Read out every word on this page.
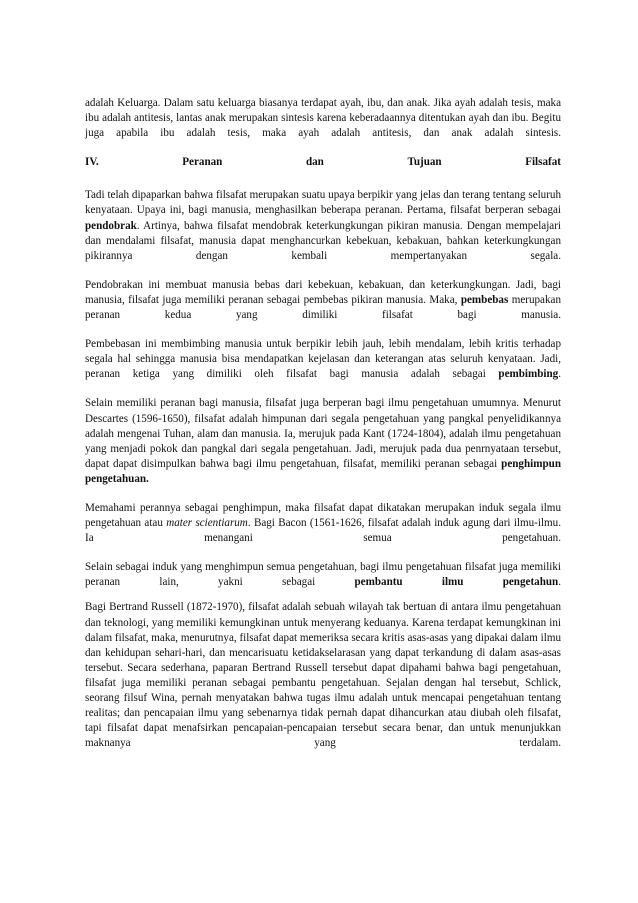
adalah Keluarga. Dalam satu keluarga biasanya terdapat ayah, ibu, dan anak. Jika ayah adalah tesis, maka ibu adalah antitesis, lantas anak merupakan sintesis karena keberadaannya ditentukan ayah dan ibu. Begitu juga apabila ibu adalah tesis, maka ayah adalah antitesis, dan anak adalah sintesis.

IV.	Peranan	dan	Tujuan	Filsafat

Tadi telah dipaparkan bahwa filsafat merupakan suatu upaya berpikir yang jelas dan terang tentang seluruh kenyataan. Upaya ini, bagi manusia, menghasilkan beberapa peranan. Pertama, filsafat berperan sebagai pendobrak. Artinya, bahwa filsafat mendobrak keterkungkungan pikiran manusia. Dengan mempelajari dan mendalami filsafat, manusia dapat menghancurkan kebekuan, kebakuan, bahkan keterkungkungan pikirannya dengan kembali mempertanyakan segala.

Pendobrakan ini membuat manusia bebas dari kebekuan, kebakuan, dan keterkungkungan. Jadi, bagi manusia, filsafat juga memiliki peranan sebagai pembebas pikiran manusia. Maka, pembebas merupakan peranan kedua yang dimiliki filsafat bagi manusia.

Pembebasan ini membimbing manusia untuk berpikir lebih jauh, lebih mendalam, lebih kritis terhadap segala hal sehingga manusia bisa mendapatkan kejelasan dan keterangan atas seluruh kenyataan. Jadi, peranan ketiga yang dimiliki oleh filsafat bagi manusia adalah sebagai pembimbing.

Selain memiliki peranan bagi manusia, filsafat juga berperan bagi ilmu pengetahuan umumnya. Menurut Descartes (1596-1650), filsafat adalah himpunan dari segala pengetahuan yang pangkal penyelidikannya adalah mengenai Tuhan, alam dan manusia. Ia, merujuk pada Kant (1724-1804), adalah ilmu pengetahuan yang menjadi pokok dan pangkal dari segala pengetahuan. Jadi, merujuk pada dua penrnyataan tersebut, dapat dapat disimpulkan bahwa bagi ilmu pengetahuan, filsafat, memiliki peranan sebagai penghimpun pengetahuan.

Memahami perannya sebagai penghimpun, maka filsafat dapat dikatakan merupakan induk segala ilmu pengetahuan atau mater scientiarum. Bagi Bacon (1561-1626, filsafat adalah induk agung dari ilmu-ilmu. Ia menangani semua pengetahuan.

Selain sebagai induk yang menghimpun semua pengetahuan, bagi ilmu pengetahuan filsafat juga memiliki peranan lain, yakni sebagai pembantu ilmu pengetahun.

Bagi Bertrand Russell (1872-1970), filsafat adalah sebuah wilayah tak bertuan di antara ilmu pengetahuan dan teknologi, yang memiliki kemungkinan untuk menyerang keduanya. Karena terdapat kemungkinan ini dalam filsafat, maka, menurutnya, filsafat dapat memeriksa secara kritis asas-asas yang dipakai dalam ilmu dan kehidupan sehari-hari, dan mencarisuatu ketidakselarasan yang dapat terkandung di dalam asas-asas tersebut. Secara sederhana, paparan Bertrand Russell tersebut dapat dipahami bahwa bagi pengetahuan, filsafat juga memiliki peranan sebagai pembantu pengetahuan. Sejalan dengan hal tersebut, Schlick, seorang filsuf Wina, pernah menyatakan bahwa tugas ilmu adalah untuk mencapai pengetahuan tentang realitas; dan pencapaian ilmu yang sebenarnya tidak pernah dapat dihancurkan atau diubah oleh filsafat, tapi filsafat dapat menafsirkan pencapaian-pencapaian tersebut secara benar, dan untuk menunjukkan maknanya yang terdalam.
